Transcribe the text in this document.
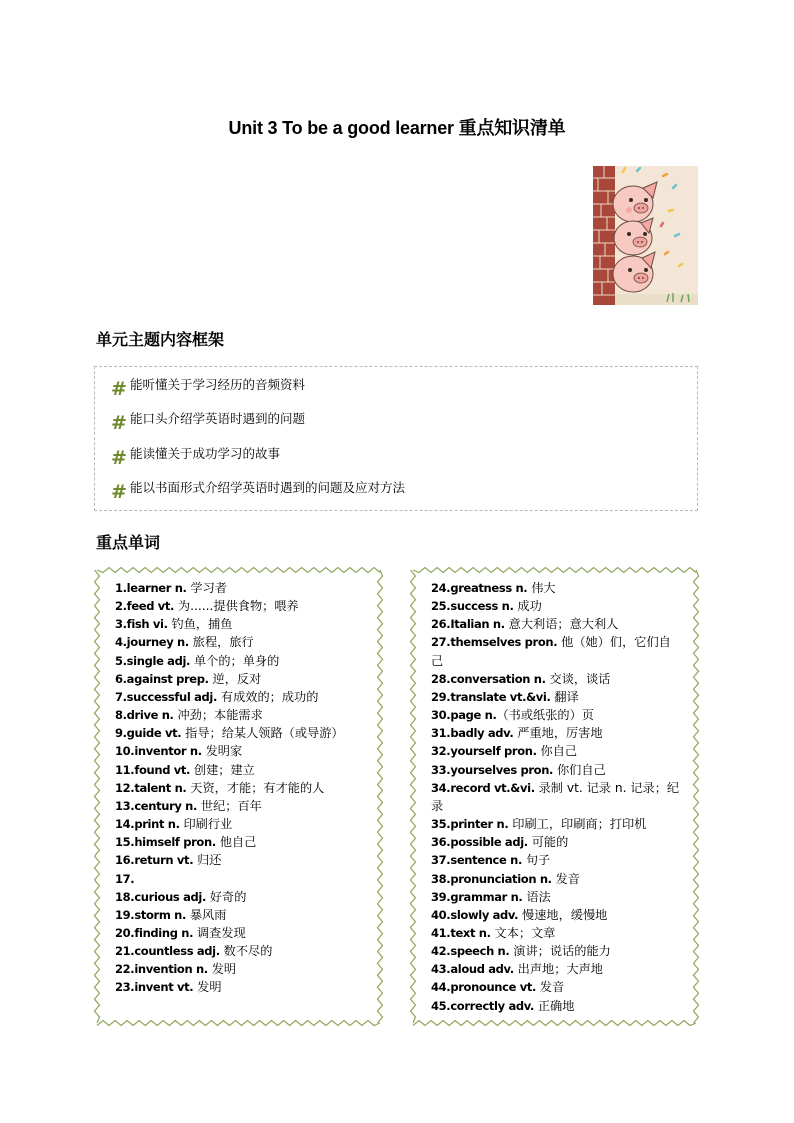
Unit 3 To be a good learner 重点知识清单
单元主题内容框架
# 能听懂关于学习经历的音频资料
# 能口头介绍学英语时遇到的问题
# 能读懂关于成功学习的故事
# 能以书面形式介绍学英语时遇到的问题及应对方法
重点单词
1.learner n. 学习者
2.feed vt. 为......提供食物；喂养
3.fish vi. 钓鱼，捕鱼
4.journey n. 旅程，旅行
5.single adj. 单个的；单身的
6.against prep. 逆，反对
7.successful adj. 有成效的；成功的
8.drive n. 冲劲；本能需求
9.guide vt. 指导；给某人领路（或导游）
10.inventor n. 发明家
11.found vt. 创建；建立
12.talent n. 天资，才能；有才能的人
13.century n. 世纪；百年
14.print n. 印刷行业
15.himself pron. 他自己
16.return vt. 归还
17.
18.curious adj. 好奇的
19.storm n. 暴风雨
20.finding n. 调查发现
21.countless adj. 数不尽的
22.invention n. 发明
23.invent vt. 发明
24.greatness n. 伟大
25.success n. 成功
26.Italian n. 意大利语；意大利人
27.themselves pron. 他（她）们，它们自己
28.conversation n. 交谈，谈话
29.translate vt.&vi. 翻译
30.page n.（书或纸张的）页
31.badly adv. 严重地，厉害地
32.yourself pron. 你自己
33.yourselves pron. 你们自己
34.record vt.&vi. 录制 vt. 记录 n. 记录；纪录
35.printer n. 印刷工，印刷商；打印机
36.possible adj. 可能的
37.sentence n. 句子
38.pronunciation n. 发音
39.grammar n. 语法
40.slowly adv. 慢速地，缓慢地
41.text n. 文本；文章
42.speech n. 演讲；说话的能力
43.aloud adv. 出声地；大声地
44.pronounce vt. 发音
45.correctly adv. 正确地
